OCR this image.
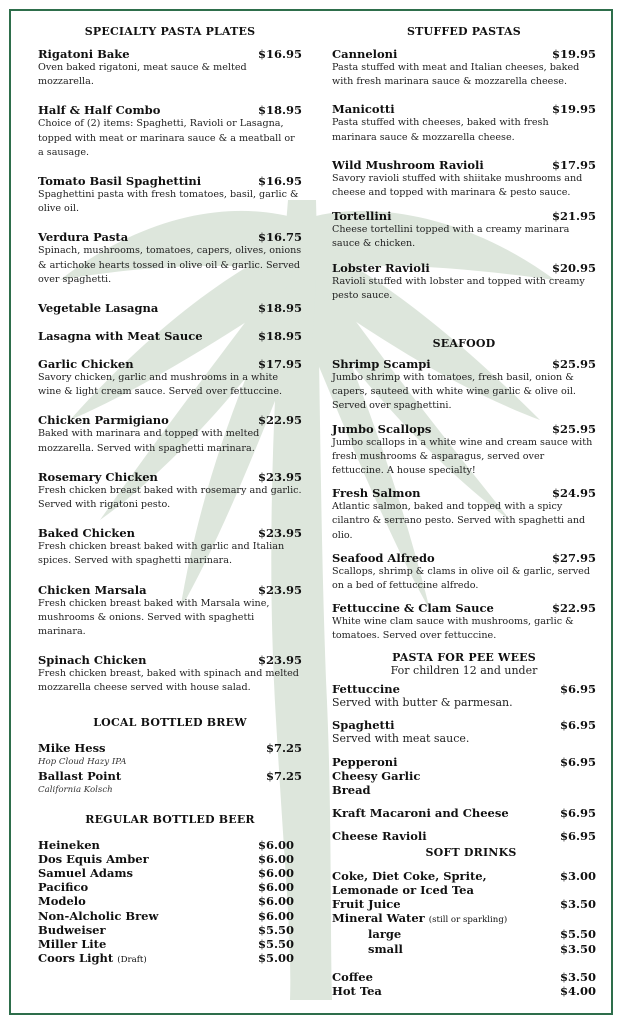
SPECIALTY PASTA PLATES
Rigatoni Bake	$16.95
Oven baked rigatoni, meat sauce & melted mozzarella.
Half & Half Combo	$18.95
Choice of (2) items: Spaghetti, Ravioli or Lasagna, topped with meat or marinara sauce & a meatball or a sausage.
Tomato Basil Spaghettini	$16.95
Spaghettini pasta with fresh tomatoes, basil, garlic & olive oil.
Verdura Pasta	$16.75
Spinach, mushrooms, tomatoes, capers, olives, onions & artichoke hearts tossed in olive oil & garlic. Served over spaghetti.
Vegetable Lasagna	$18.95
Lasagna with Meat Sauce	$18.95
Garlic Chicken	$17.95
Savory chicken, garlic and mushrooms in a white wine & light cream sauce. Served over fettuccine.
Chicken Parmigiano	$22.95
Baked with marinara and topped with melted mozzarella. Served with spaghetti marinara.
Rosemary Chicken	$23.95
Fresh chicken breast baked with rosemary and garlic. Served with rigatoni pesto.
Baked Chicken	$23.95
Fresh chicken breast baked with garlic and Italian spices. Served with spaghetti marinara.
Chicken Marsala	$23.95
Fresh chicken breast baked with Marsala wine, mushrooms & onions. Served with spaghetti marinara.
Spinach Chicken	$23.95
Fresh chicken breast, baked with spinach and melted mozzarella cheese served with house salad.
LOCAL BOTTLED BREW
Mike Hess	$7.25
Hop Cloud Hazy IPA
Ballast Point	$7.25
California Kolsch
REGULAR BOTTLED BEER
Heineken	$6.00
Dos Equis Amber	$6.00
Samuel Adams	$6.00
Pacifico	$6.00
Modelo	$6.00
Non-Alcholic Brew	$6.00
Budweiser	$5.50
Miller Lite	$5.50
Coors Light (Draft)	$5.00
STUFFED PASTAS
Canneloni	$19.95
Pasta stuffed with meat and Italian cheeses, baked with fresh marinara sauce & mozzarella cheese.
Manicotti	$19.95
Pasta stuffed with cheeses, baked with fresh marinara sauce & mozzarella cheese.
Wild Mushroom Ravioli	$17.95
Savory ravioli stuffed with shiitake mushrooms and cheese and topped with marinara & pesto sauce.
Tortellini	$21.95
Cheese tortellini topped with a creamy marinara sauce & chicken.
Lobster Ravioli	$20.95
Ravioli stuffed with lobster and topped with creamy pesto sauce.
SEAFOOD
Shrimp Scampi	$25.95
Jumbo shrimp with tomatoes, fresh basil, onion & capers, sauteed with white wine garlic & olive oil. Served over spaghettini.
Jumbo Scallops	$25.95
Jumbo scallops in a white wine and cream sauce with fresh mushrooms & asparagus, served over fettuccine. A house specialty!
Fresh Salmon	$24.95
Atlantic salmon, baked and topped with a spicy cilantro & serrano pesto. Served with spaghetti and olio.
Seafood Alfredo	$27.95
Scallops, shrimp & clams in olive oil & garlic, served on a bed of fettuccine alfredo.
Fettuccine & Clam Sauce	$22.95
White wine clam sauce with mushrooms, garlic & tomatoes. Served over fettuccine.
PASTA FOR PEE WEES
For children 12 and under
Fettuccine	$6.95
Served with butter & parmesan.
Spaghetti	$6.95
Served with meat sauce.
Pepperoni Cheesy Garlic Bread
$6.95
Kraft Macaroni and Cheese	$6.95
Cheese Ravioli	$6.95
SOFT DRINKS
Coke, Diet Coke, Sprite,	$3.00
Lemonade or Iced Tea
Fruit Juice	$3.50
Mineral Water (still or sparkling)
large	$5.50
small	$3.50
Coffee	$3.50
Hot Tea	$4.00
